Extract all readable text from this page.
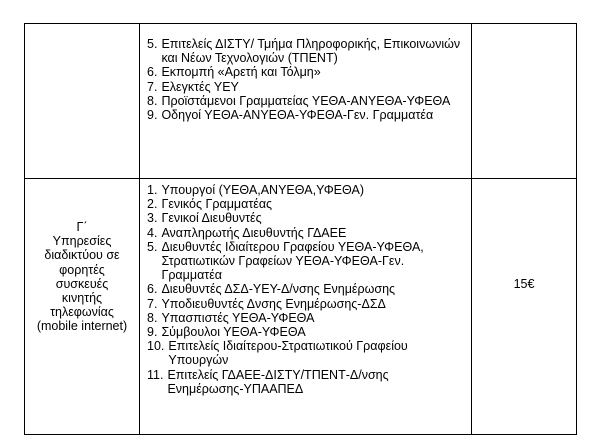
5. Επιτελείς ΔΙΣΤΥ/ Τμήμα Πληροφορικής, Επικοινωνιών και Νέων Τεχνολογιών (ΤΠΕΝΤ)
6. Εκπομπή «Αρετή και Τόλμη»
7. Ελεγκτές ΥΕΥ
8. Προϊστάμενοι Γραμματείας ΥΕΘΑ-ΑΝΥΕΘΑ-ΥΦΕΘΑ
9. Οδηγοί ΥΕΘΑ-ΑΝΥΕΘΑ-ΥΦΕΘΑ-Γεν. Γραμματέα
Γ΄
Υπηρεσίες
διαδικτύου σε
φορητές
συσκευές
κινητής
τηλεφωνίας
(mobile internet)
1. Υπουργοί (ΥΕΘΑ,ΑΝΥΕΘΑ,ΥΦΕΘΑ)
2. Γενικός Γραμματέας
3. Γενικοί Διευθυντές
4. Αναπληρωτής Διευθυντής ΓΔΑΕΕ
5. Διευθυντές Ιδιαίτερου Γραφείου ΥΕΘΑ-ΥΦΕΘΑ, Στρατιωτικών Γραφείων ΥΕΘΑ-ΥΦΕΘΑ-Γεν. Γραμματέα
6. Διευθυντές ΔΣΔ-ΥΕΥ-Δ/νσης Ενημέρωσης
7. Υποδιευθυντές Δνσης Ενημέρωσης-ΔΣΔ
8. Υπασπιστές ΥΕΘΑ-ΥΦΕΘΑ
9. Σύμβουλοι ΥΕΘΑ-ΥΦΕΘΑ
10. Επιτελείς Ιδιαίτερου-Στρατιωτικού Γραφείου Υπουργών
11. Επιτελείς ΓΔΑΕΕ-ΔΙΣΤΥ/ΤΠΕΝΤ-Δ/νσης Ενημέρωσης-ΥΠΑΑΠΕΔ
15€
